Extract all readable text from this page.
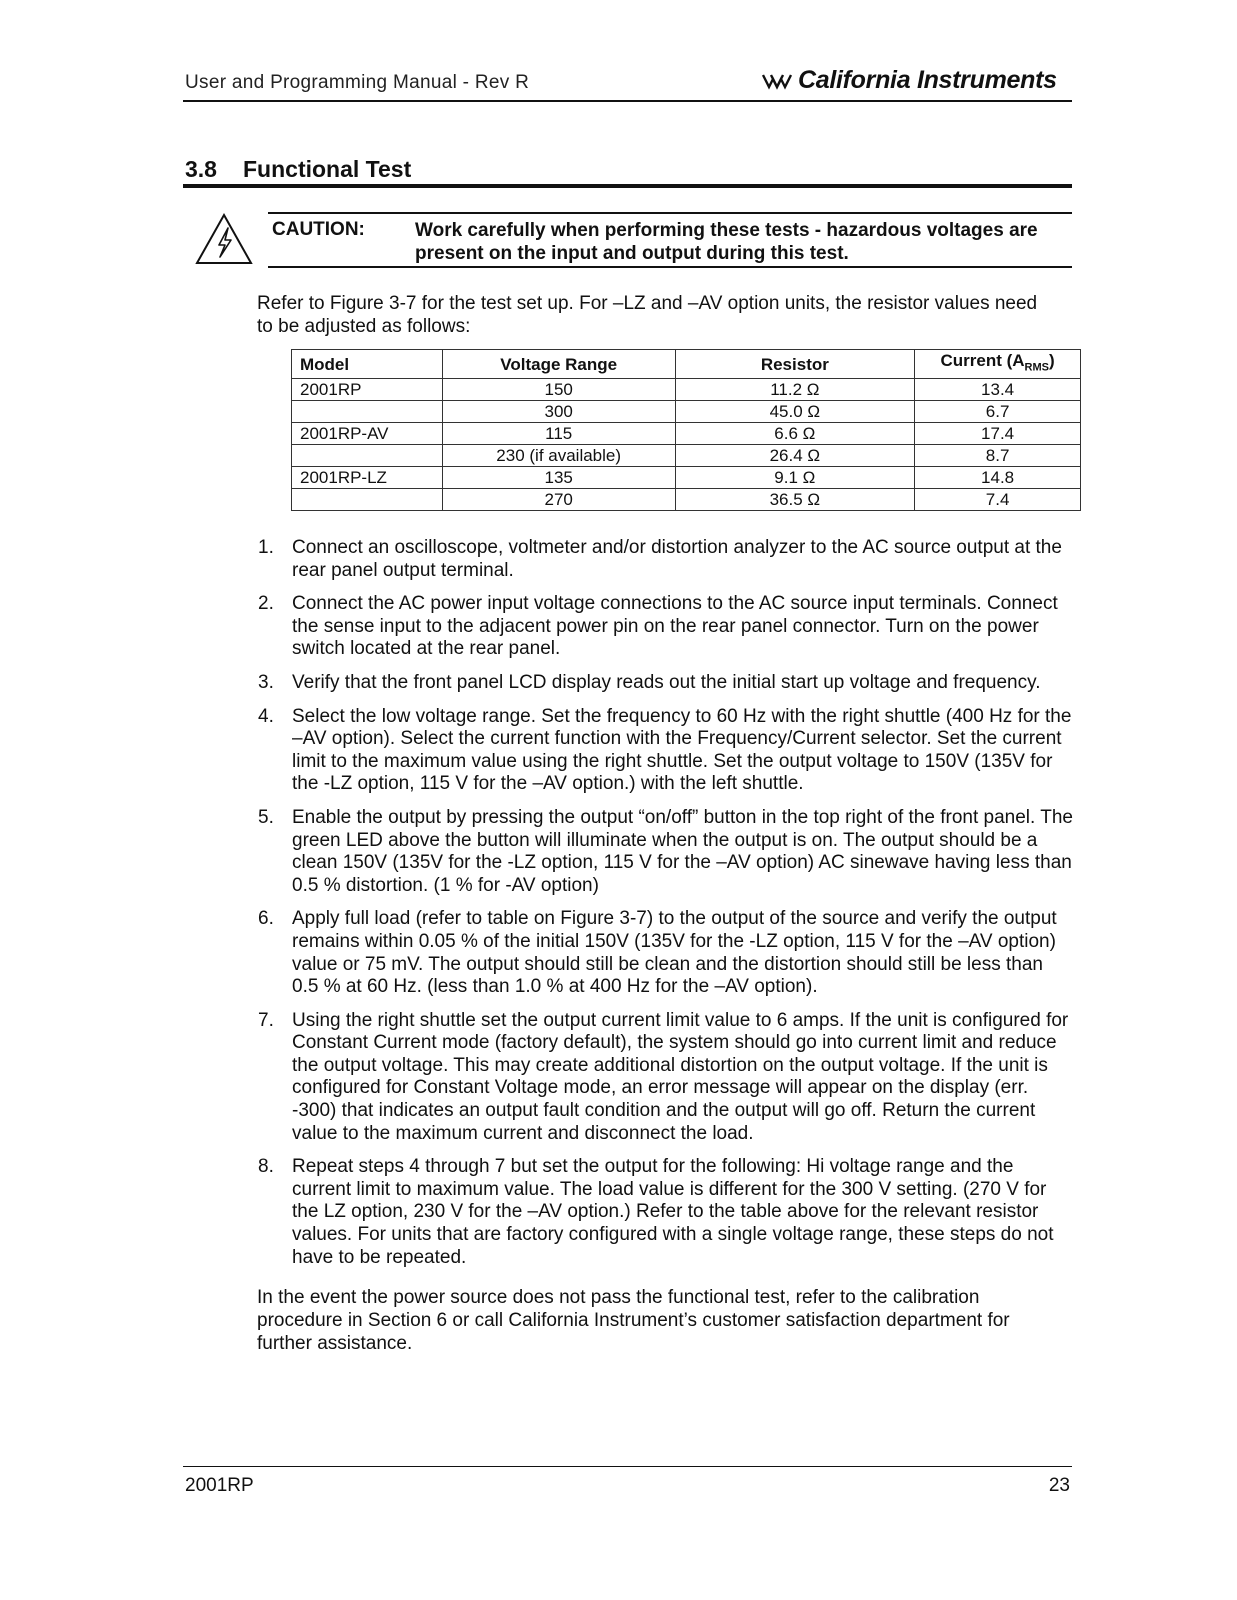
User and Programming Manual - Rev R	California Instruments
3.8 Functional Test
CAUTION:	Work carefully when performing these tests - hazardous voltages are present on the input and output during this test.
Refer to Figure 3-7 for the test set up. For –LZ and –AV option units, the resistor values need to be adjusted as follows:
Model	Voltage Range	Resistor	Current $(A_{RMS})$
2001RP	150	11.2 Ω	13.4
	300	45.0 Ω	6.7
2001RP-AV	115	6.6 Ω	17.4
	230 (if available)	26.4 Ω	8.7
2001RP-LZ	135	9.1 Ω	14.8
	270	36.5 Ω	7.4
1. Connect an oscilloscope, voltmeter and/or distortion analyzer to the AC source output at the rear panel output terminal.
2. Connect the AC power input voltage connections to the AC source input terminals. Connect the sense input to the adjacent power pin on the rear panel connector. Turn on the power switch located at the rear panel.
3. Verify that the front panel LCD display reads out the initial start up voltage and frequency.
4. Select the low voltage range. Set the frequency to 60 Hz with the right shuttle (400 Hz for the –AV option). Select the current function with the Frequency/Current selector. Set the current limit to the maximum value using the right shuttle. Set the output voltage to 150V (135V for the -LZ option, 115 V for the –AV option.) with the left shuttle.
5. Enable the output by pressing the output “on/off” button in the top right of the front panel. The green LED above the button will illuminate when the output is on. The output should be a clean 150V (135V for the -LZ option, 115 V for the –AV option) AC sinewave having less than 0.5 % distortion. (1 % for -AV option)
6. Apply full load (refer to table on Figure 3-7) to the output of the source and verify the output remains within 0.05 % of the initial 150V (135V for the -LZ option, 115 V for the –AV option) value or 75 mV. The output should still be clean and the distortion should still be less than 0.5 % at 60 Hz. (less than 1.0 % at 400 Hz for the –AV option).
7. Using the right shuttle set the output current limit value to 6 amps. If the unit is configured for Constant Current mode (factory default), the system should go into current limit and reduce the output voltage. This may create additional distortion on the output voltage. If the unit is configured for Constant Voltage mode, an error message will appear on the display (err. -300) that indicates an output fault condition and the output will go off. Return the current value to the maximum current and disconnect the load.
8. Repeat steps 4 through 7 but set the output for the following: Hi voltage range and the current limit to maximum value. The load value is different for the 300 V setting. (270 V for the LZ option, 230 V for the –AV option.) Refer to the table above for the relevant resistor values. For units that are factory configured with a single voltage range, these steps do not have to be repeated.
In the event the power source does not pass the functional test, refer to the calibration procedure in Section 6 or call California Instrument’s customer satisfaction department for further assistance.
2001RP	23
